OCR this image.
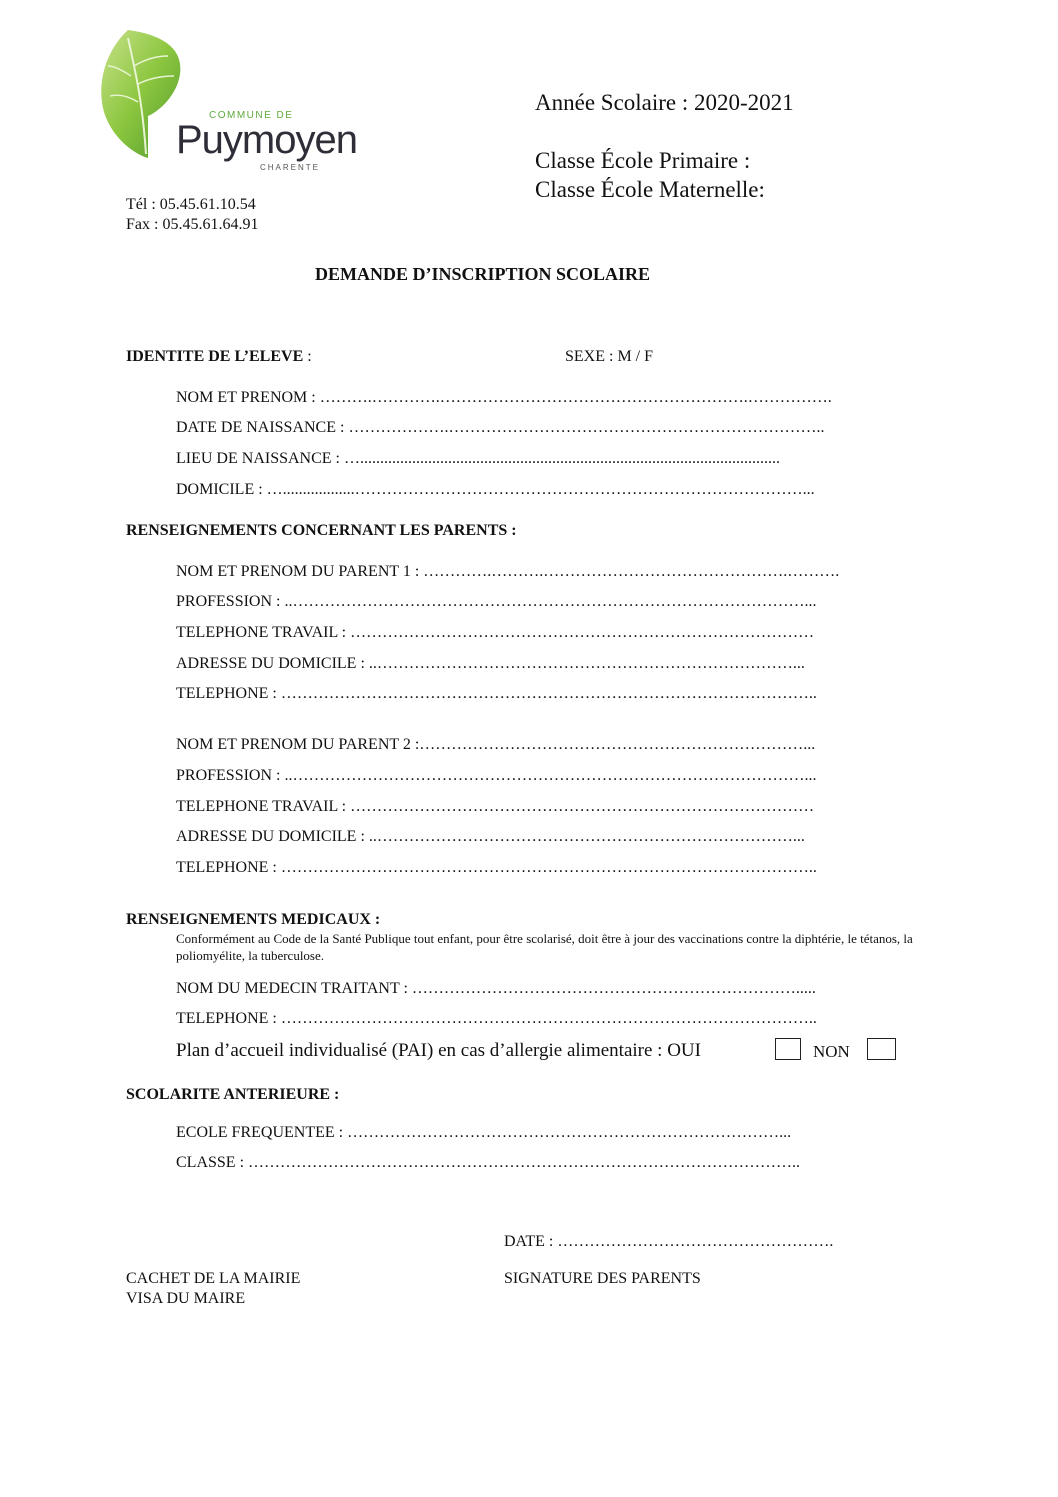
COMMUNE DE
Puymoyen
CHARENTE
Tél : 05.45.61.10.54
Fax : 05.45.61.64.91
Année Scolaire : 2020-2021
Classe École Primaire :
Classe École Maternelle:
DEMANDE D’INSCRIPTION SCOLAIRE
IDENTITE DE L’ELEVE :	SEXE : M / F
NOM ET PRENOM : ……….………….………………………………………………….…………….
DATE DE NAISSANCE : ……………….……………………………………………………………..
LIEU DE NAISSANCE : ….........................................................................................................
DOMICILE : …..................…………………………………………………………………………...
RENSEIGNEMENTS CONCERNANT LES PARENTS :
NOM ET PRENOM DU PARENT 1 : ………….……….……………………………………….……….
PROFESSION : ..……………………………………………………………………………………...
TELEPHONE TRAVAIL : ……………………………………………………………………………
ADRESSE DU DOMICILE : ..……………………………………………………………………...
TELEPHONE : ………………………………………………………………………………………..
NOM ET PRENOM DU PARENT 2 :………………………………………………………………...
PROFESSION : ..……………………………………………………………………………………...
TELEPHONE TRAVAIL : ……………………………………………………………………………
ADRESSE DU DOMICILE : ..……………………………………………………………………...
TELEPHONE : ………………………………………………………………………………………..
RENSEIGNEMENTS MEDICAUX :
Conformément au Code de la Santé Publique tout enfant, pour être scolarisé, doit être à jour des vaccinations contre la diphtérie, le tétanos, la poliomyélite, la tuberculose.
NOM DU MEDECIN TRAITANT : ……………………………………………………………….....
TELEPHONE : ………………………………………………………………………………………..
Plan d’accueil individualisé (PAI) en cas d’allergie alimentaire : OUI	NON
SCOLARITE ANTERIEURE :
ECOLE FREQUENTEE : ………………………………………………………………………...
CLASSE : …………………………………………………………………………………………..
DATE : …………………………………………….
CACHET DE LA MAIRIE
VISA DU MAIRE
SIGNATURE DES PARENTS
